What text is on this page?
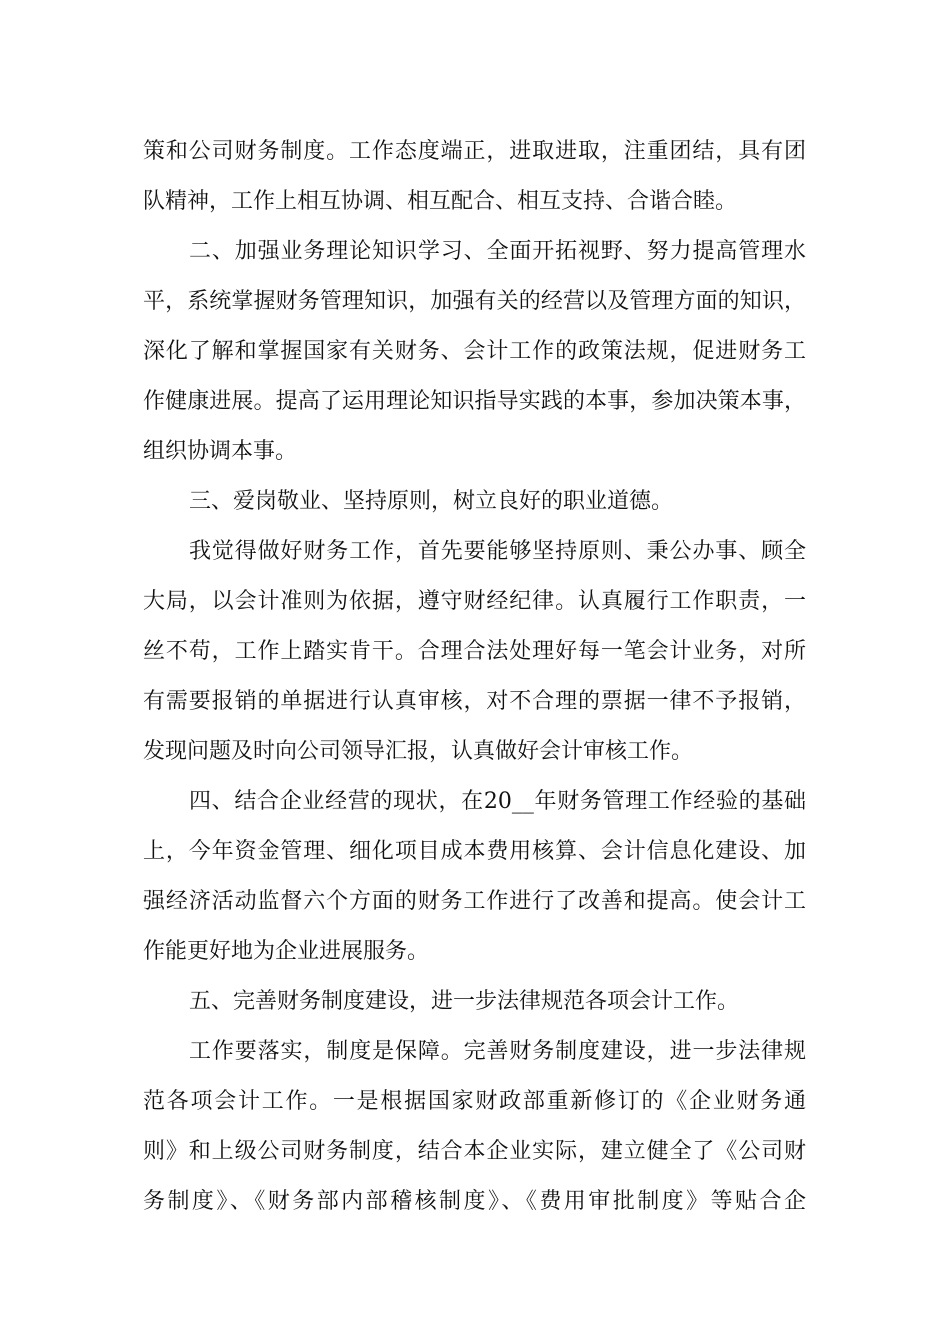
策和公司财务制度。工作态度端正，进取进取，注重团结，具有团
队精神，工作上相互协调、相互配合、相互支持、合谐合睦。
二、加强业务理论知识学习、全面开拓视野、努力提高管理水
平，系统掌握财务管理知识，加强有关的经营以及管理方面的知识，
深化了解和掌握国家有关财务、会计工作的政策法规，促进财务工
作健康进展。提高了运用理论知识指导实践的本事，参加决策本事，
组织协调本事。
三、爱岗敬业、坚持原则，树立良好的职业道德。
我觉得做好财务工作，首先要能够坚持原则、秉公办事、顾全
大局，以会计准则为依据，遵守财经纪律。认真履行工作职责，一
丝不苟，工作上踏实肯干。合理合法处理好每一笔会计业务，对所
有需要报销的单据进行认真审核，对不合理的票据一律不予报销，
发现问题及时向公司领导汇报，认真做好会计审核工作。
四、结合企业经营的现状，在20__年财务管理工作经验的基础
上，今年资金管理、细化项目成本费用核算、会计信息化建设、加
强经济活动监督六个方面的财务工作进行了改善和提高。使会计工
作能更好地为企业进展服务。
五、完善财务制度建设，进一步法律规范各项会计工作。
工作要落实，制度是保障。完善财务制度建设，进一步法律规
范各项会计工作。一是根据国家财政部重新修订的《企业财务通
则》和上级公司财务制度，结合本企业实际，建立健全了《公司财
务制度》、《财务部内部稽核制度》、《费用审批制度》等贴合企
